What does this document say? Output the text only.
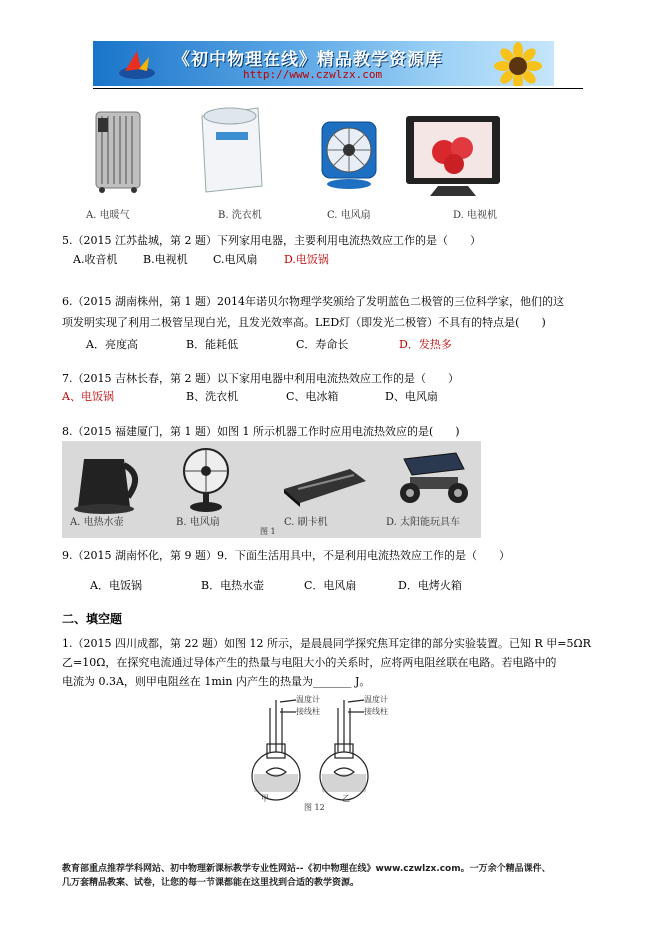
《初中物理在线》精品教学资源库
http://www.czwlzx.com
A. 电暖气	B. 洗衣机	C. 电风扇	D. 电视机
5.（2015 江苏盐城，第 2 题）下列家用电器，主要利用电流热效应工作的是（　　）
A.收音机 B.电视机 C.电风扇 D.电饭锅
6.（2015 湖南株州，第 1 题）2014年诺贝尔物理学奖颁给了发明蓝色二极管的三位科学家，他们的这
项发明实现了利用二极管呈现白光，且发光效率高。LED灯（即发光二极管）不具有的特点是(　　)
A．亮度高	B．能耗低	C．寿命长	D．发热多
7.（2015 吉林长春，第 2 题）以下家用电器中利用电流热效应工作的是（　　）
A、电饭锅	B、洗衣机	C、电冰箱	D、电风扇
8.（2015 福建厦门，第 1 题）如图 1 所示机器工作时应用电流热效应的是(　　)
A. 电热水壶	B. 电风扇	C. 刷卡机	D. 太阳能玩具车
图 1
9.（2015 湖南怀化，第 9 题）9．下面生活用具中，不是利用电流热效应工作的是（　　）
A．电饭锅	B．电热水壶	C．电风扇	D．电烤火箱
二、填空题
1.（2015 四川成都，第 22 题）如图 12 所示，是晨晨同学探究焦耳定律的部分实验装置。已知 R 甲=5ΩR
乙=10Ω，在探究电流通过导体产生的热量与电阻大小的关系时，应将两电阻丝联在电路。若电路中的
电流为 0.3A，则甲电阻丝在 1min 内产生的热量为_______ J。
温度计
接线柱
温度计
接线柱
甲	乙
图 12
教育部重点推荐学科网站、初中物理新课标教学专业性网站--《初中物理在线》www.czwlzx.com。一万余个精品课件、
几万套精品教案、试卷，让您的每一节课都能在这里找到合适的教学资源。
